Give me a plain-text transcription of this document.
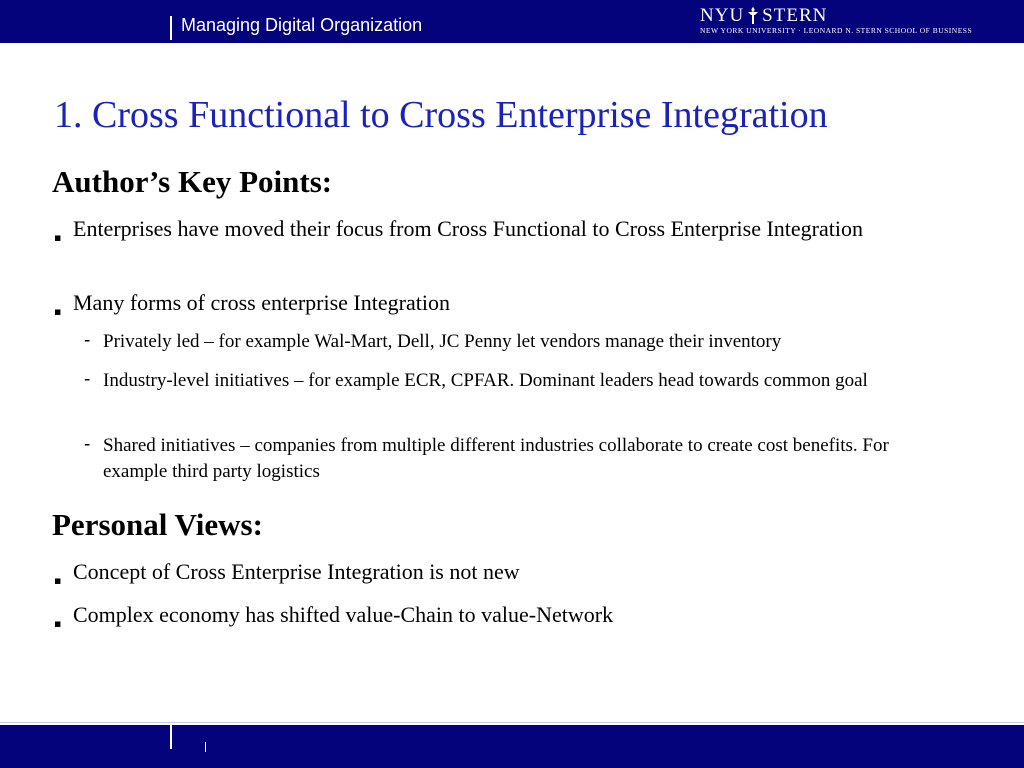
Managing Digital Organization	NYU STERN
NEW YORK UNIVERSITY · LEONARD N. STERN SCHOOL OF BUSINESS
1. Cross Functional to Cross Enterprise Integration
Author’s Key Points:
▪ Enterprises have moved their focus from Cross Functional to Cross Enterprise Integration
▪ Many forms of cross enterprise Integration
- Privately led – for example Wal-Mart, Dell, JC Penny let vendors manage their inventory
- Industry-level initiatives – for example ECR, CPFAR. Dominant leaders head towards common goal
- Shared initiatives – companies from multiple different industries collaborate to create cost benefits. For example third party logistics
Personal Views:
▪ Concept of Cross Enterprise Integration is not new
▪ Complex economy has shifted value-Chain to value-Network
